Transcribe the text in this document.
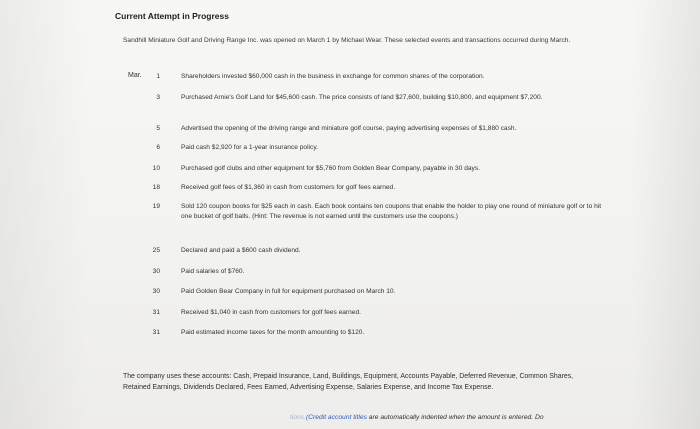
Current Attempt in Progress
Sandhill Miniature Golf and Driving Range Inc. was opened on March 1 by Michael Wear. These selected events and transactions occurred during March.
Mar.	1	Shareholders invested $60,000 cash in the business in exchange for common shares of the corporation.
3	Purchased Arnie's Golf Land for $45,600 cash. The price consists of land $27,600, building $10,800, and equipment $7,200.
5	Advertised the opening of the driving range and miniature golf course, paying advertising expenses of $1,880 cash.
6	Paid cash $2,920 for a 1-year insurance policy.
10	Purchased golf clubs and other equipment for $5,760 from Golden Bear Company, payable in 30 days.
18	Received golf fees of $1,360 in cash from customers for golf fees earned.
19	Sold 120 coupon books for $25 each in cash. Each book contains ten coupons that enable the holder to play one round of miniature golf or to hit one bucket of golf balls. (Hint: The revenue is not earned until the customers use the coupons.)
25	Declared and paid a $600 cash dividend.
30	Paid salaries of $760.
30	Paid Golden Bear Company in full for equipment purchased on March 10.
31	Received $1,040 in cash from customers for golf fees earned.
31	Paid estimated income taxes for the month amounting to $120.
The company uses these accounts: Cash, Prepaid Insurance, Land, Buildings, Equipment, Accounts Payable, Deferred Revenue, Common Shares, Retained Earnings, Dividends Declared, Fees Earned, Advertising Expense, Salaries Expense, and Income Tax Expense.
tions.(Credit account titles are automatically indented when the amount is entered. Do
